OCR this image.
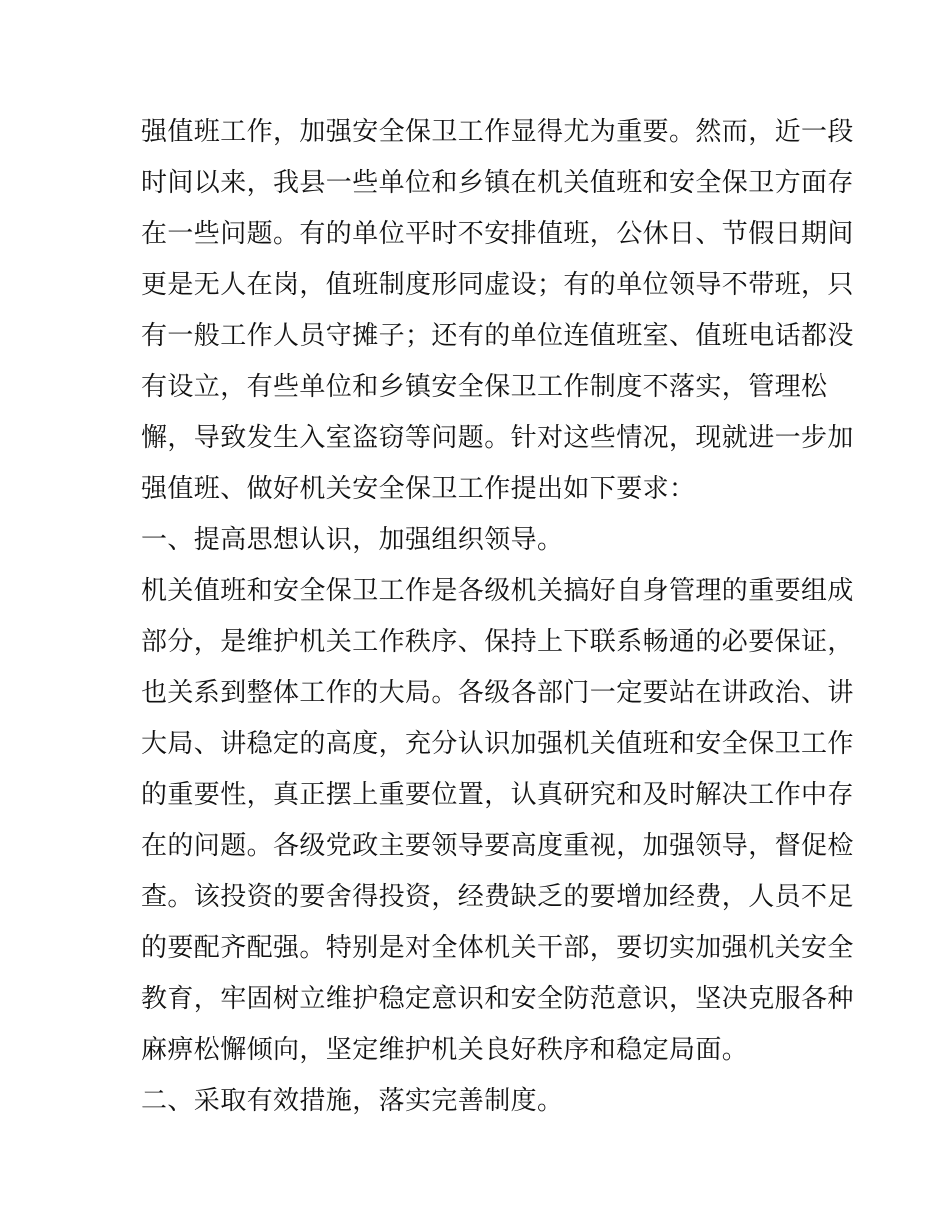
强值班工作，加强安全保卫工作显得尤为重要。然而，近一段
时间以来，我县一些单位和乡镇在机关值班和安全保卫方面存
在一些问题。有的单位平时不安排值班，公休日、节假日期间
更是无人在岗，值班制度形同虚设；有的单位领导不带班，只
有一般工作人员守摊子；还有的单位连值班室、值班电话都没
有设立，有些单位和乡镇安全保卫工作制度不落实，管理松
懈，导致发生入室盗窃等问题。针对这些情况，现就进一步加
强值班、做好机关安全保卫工作提出如下要求：
一、提高思想认识，加强组织领导。
机关值班和安全保卫工作是各级机关搞好自身管理的重要组成
部分，是维护机关工作秩序、保持上下联系畅通的必要保证，
也关系到整体工作的大局。各级各部门一定要站在讲政治、讲
大局、讲稳定的高度，充分认识加强机关值班和安全保卫工作
的重要性，真正摆上重要位置，认真研究和及时解决工作中存
在的问题。各级党政主要领导要高度重视，加强领导，督促检
查。该投资的要舍得投资，经费缺乏的要增加经费，人员不足
的要配齐配强。特别是对全体机关干部，要切实加强机关安全
教育，牢固树立维护稳定意识和安全防范意识，坚决克服各种
麻痹松懈倾向，坚定维护机关良好秩序和稳定局面。
二、采取有效措施，落实完善制度。
